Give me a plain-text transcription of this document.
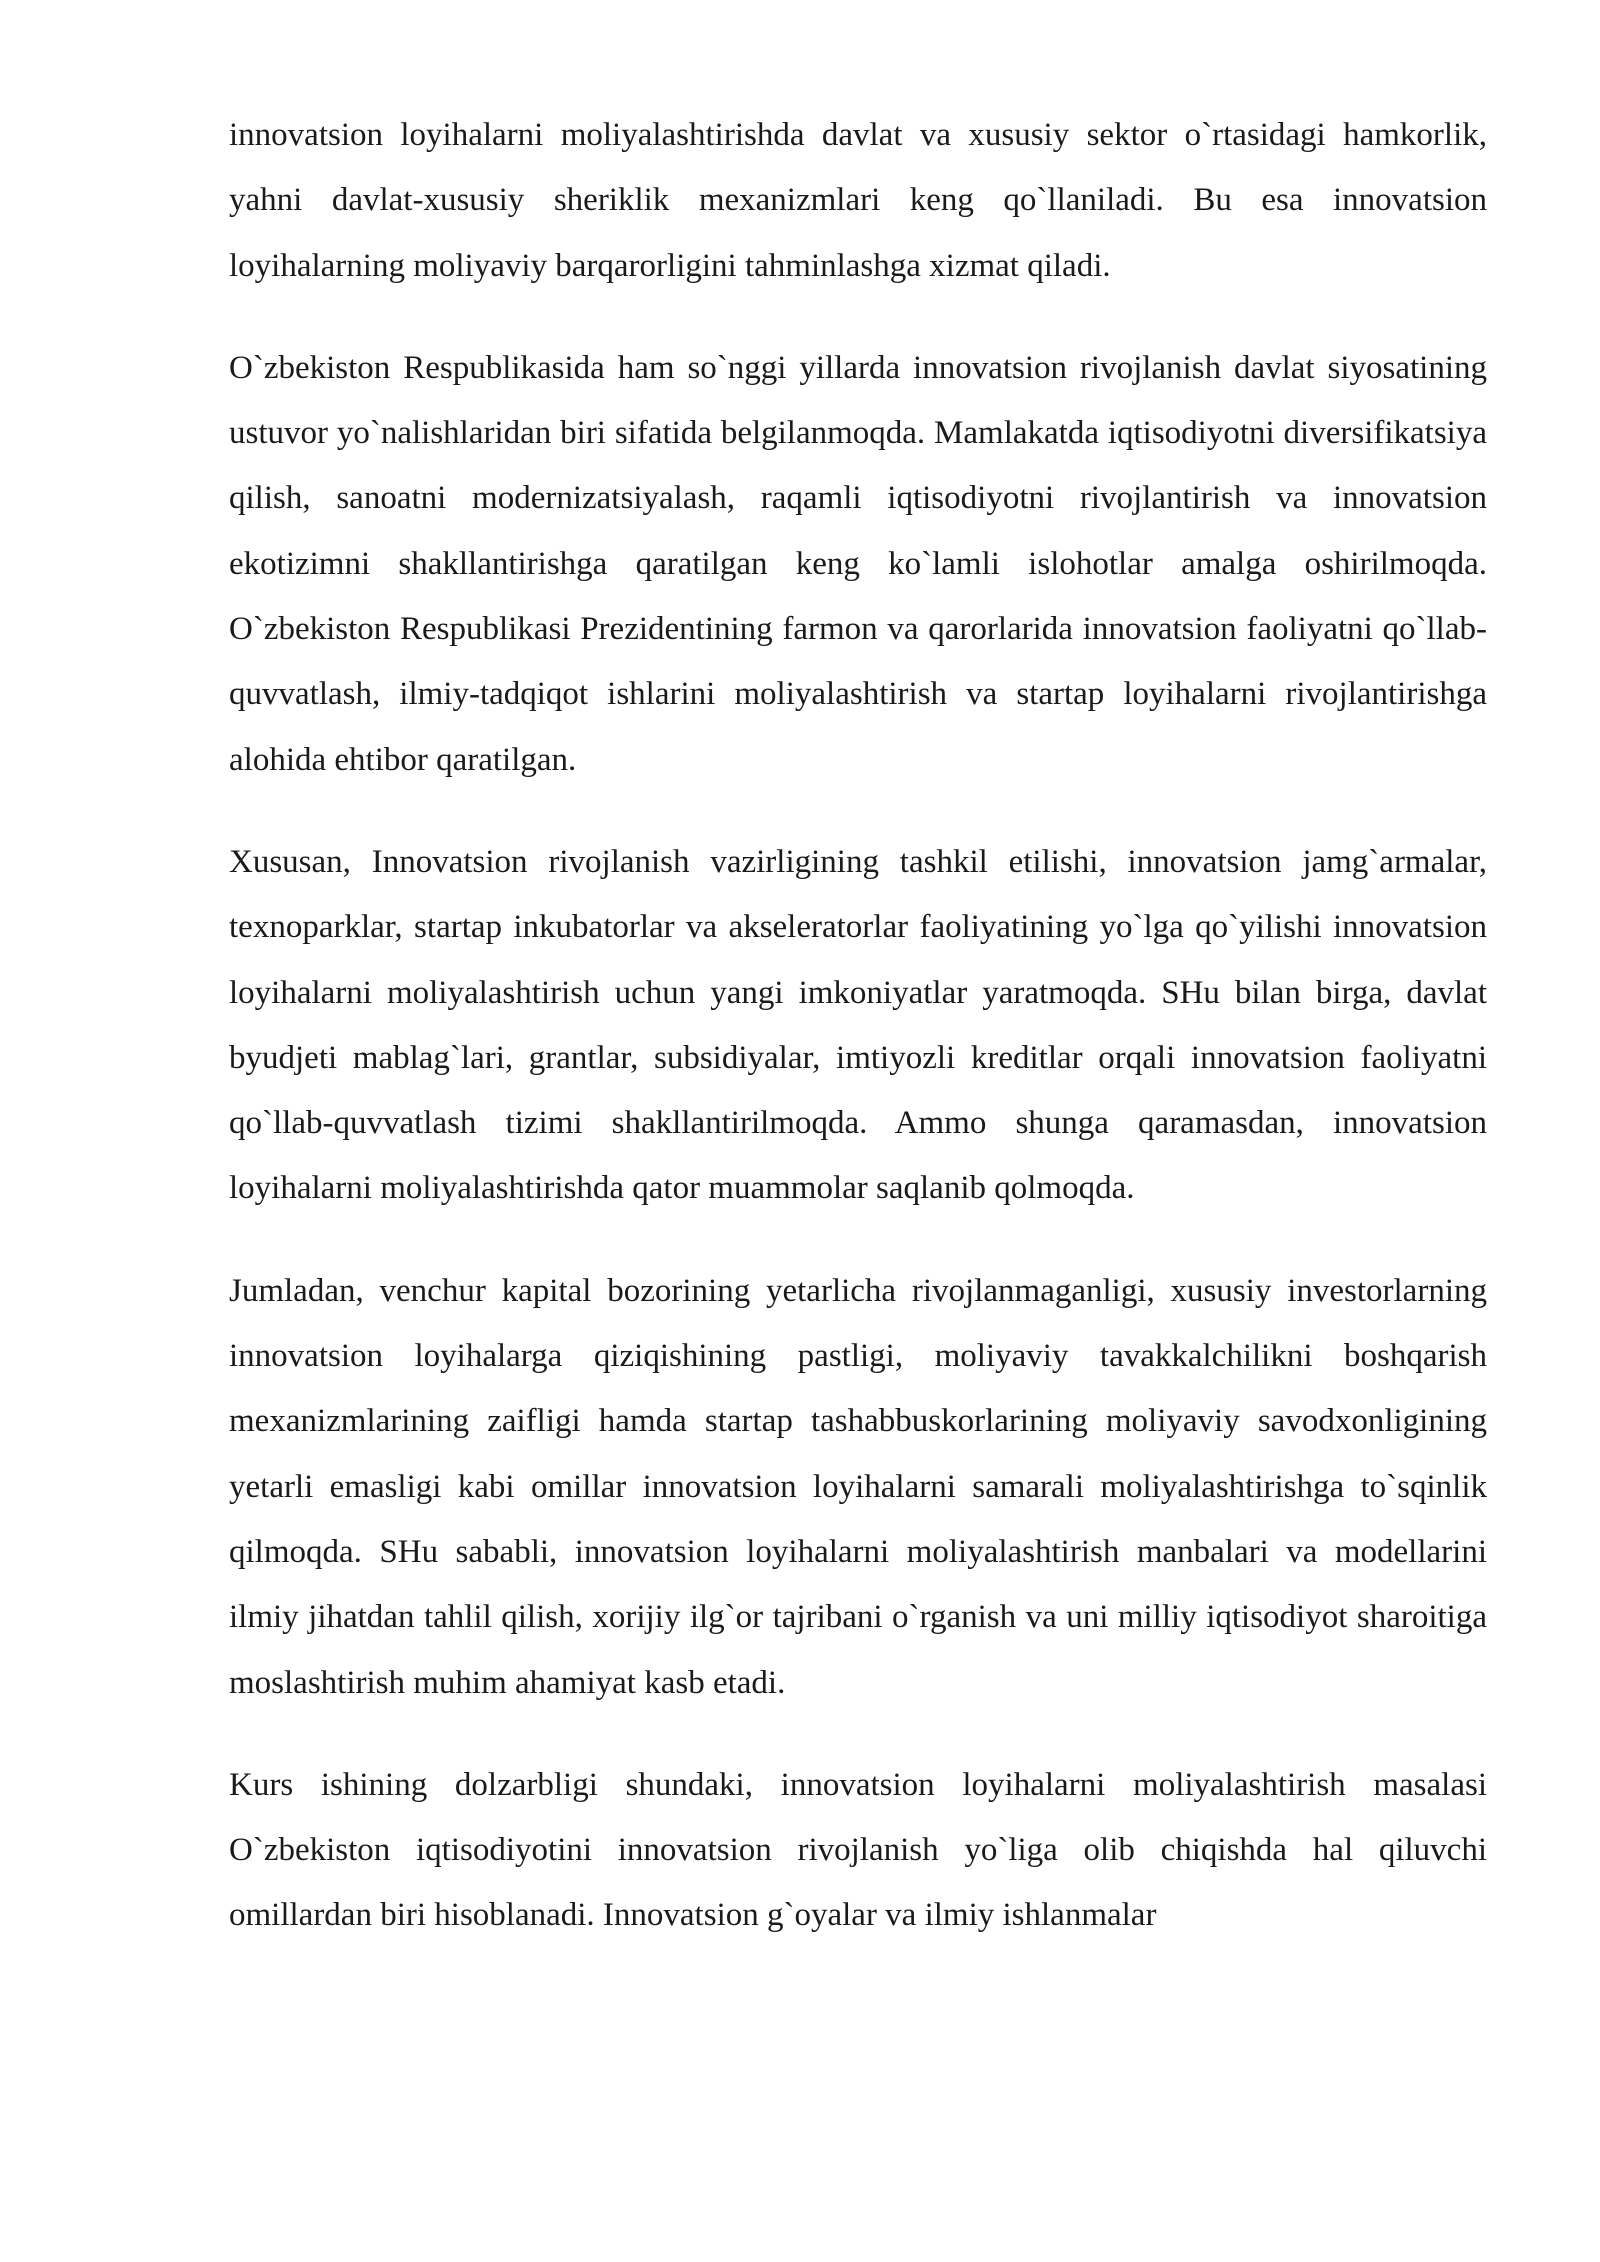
innovatsion loyihalarni moliyalashtirishda davlat va xususiy sektor o`rtasidagi hamkorlik, yahni davlat-xususiy sheriklik mexanizmlari keng qo`llaniladi. Bu esa innovatsion loyihalarning moliyaviy barqarorligini tahminlashga xizmat qiladi.

O`zbekiston Respublikasida ham so`nggi yillarda innovatsion rivojlanish davlat siyosatining ustuvor yo`nalishlaridan biri sifatida belgilanmoqda. Mamlakatda iqtisodiyotni diversifikatsiya qilish, sanoatni modernizatsiyalash, raqamli iqtisodiyotni rivojlantirish va innovatsion ekotizimni shakllantirishga qaratilgan keng ko`lamli islohotlar amalga oshirilmoqda. O`zbekiston Respublikasi Prezidentining farmon va qarorlarida innovatsion faoliyatni qo`llab-quvvatlash, ilmiy-tadqiqot ishlarini moliyalashtirish va startap loyihalarni rivojlantirishga alohida ehtibor qaratilgan.

Xususan, Innovatsion rivojlanish vazirligining tashkil etilishi, innovatsion jamg`armalar, texnoparklar, startap inkubatorlar va akseleratorlar faoliyatining yo`lga qo`yilishi innovatsion loyihalarni moliyalashtirish uchun yangi imkoniyatlar yaratmoqda. SHu bilan birga, davlat byudjeti mablag`lari, grantlar, subsidiyalar, imtiyozli kreditlar orqali innovatsion faoliyatni qo`llab-quvvatlash tizimi shakllantirilmoqda. Ammo shunga qaramasdan, innovatsion loyihalarni moliyalashtirishda qator muammolar saqlanib qolmoqda.

Jumladan, venchur kapital bozorining yetarlicha rivojlanmaganligi, xususiy investorlarning innovatsion loyihalarga qiziqishining pastligi, moliyaviy tavakkalchilikni boshqarish mexanizmlarining zaifligi hamda startap tashabbuskorlarining moliyaviy savodxonligining yetarli emasligi kabi omillar innovatsion loyihalarni samarali moliyalashtirishga to`sqinlik qilmoqda. SHu sababli, innovatsion loyihalarni moliyalashtirish manbalari va modellarini ilmiy jihatdan tahlil qilish, xorijiy ilg`or tajribani o`rganish va uni milliy iqtisodiyot sharoitiga moslashtirish muhim ahamiyat kasb etadi.

Kurs ishining dolzarbligi shundaki, innovatsion loyihalarni moliyalashtirish masalasi O`zbekiston iqtisodiyotini innovatsion rivojlanish yo`liga olib chiqishda hal qiluvchi omillardan biri hisoblanadi. Innovatsion g`oyalar va ilmiy ishlanmalar
